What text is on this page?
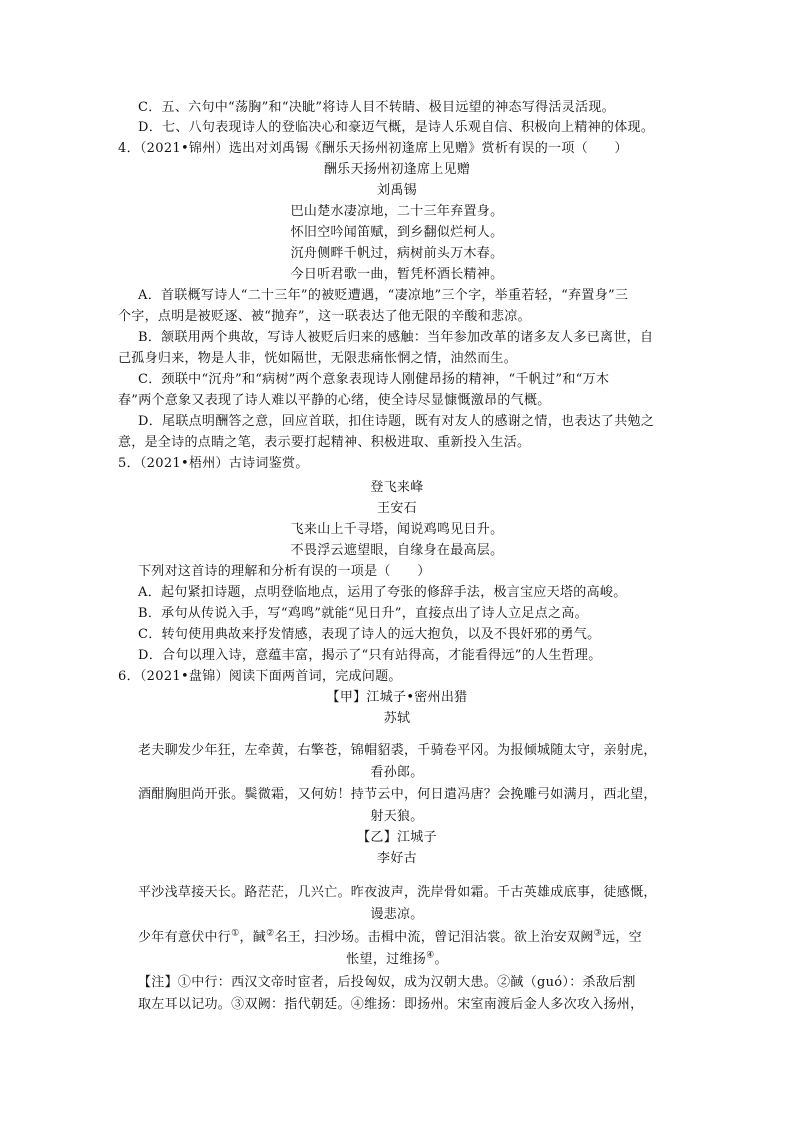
C．五、六句中“荡胸”和“决眦”将诗人目不转睛、极目远望的神态写得活灵活现。
D．七、八句表现诗人的登临决心和豪迈气概，是诗人乐观自信、积极向上精神的体现。
4．（2021•锦州）选出对刘禹锡《酬乐天扬州初逢席上见赠》赏析有误的一项（　　）
酬乐天扬州初逢席上见赠
刘禹锡
巴山楚水凄凉地，二十三年弃置身。
怀旧空吟闻笛赋，到乡翻似烂柯人。
沉舟侧畔千帆过，病树前头万木春。
今日听君歌一曲，暂凭杯酒长精神。
A．首联概写诗人“二十三年”的被贬遭遇，“凄凉地”三个字，举重若轻，“弃置身”三
个字，点明是被贬逐、被“抛弃”，这一联表达了他无限的辛酸和悲凉。
B．颔联用两个典故，写诗人被贬后归来的感触：当年参加改革的诸多友人多已离世，自
己孤身归来，物是人非，恍如隔世，无限悲痛怅惘之情，油然而生。
C．颈联中“沉舟”和“病树”两个意象表现诗人刚健昂扬的精神，“千帆过”和“万木
春”两个意象又表现了诗人难以平静的心绪，使全诗尽显慷慨激昂的气概。
D．尾联点明酬答之意，回应首联，扣住诗题，既有对友人的感谢之情，也表达了共勉之
意，是全诗的点睛之笔，表示要打起精神、积极进取、重新投入生活。
5．（2021•梧州）古诗词鉴赏。
登飞来峰
王安石
飞来山上千寻塔，闻说鸡鸣见日升。
不畏浮云遮望眼，自缘身在最高层。
下列对这首诗的理解和分析有误的一项是（　　）
A．起句紧扣诗题，点明登临地点，运用了夸张的修辞手法，极言宝应天塔的高峻。
B．承句从传说入手，写“鸡鸣”就能“见日升”，直接点出了诗人立足点之高。
C．转句使用典故来抒发情感，表现了诗人的远大抱负，以及不畏奸邪的勇气。
D．合句以理入诗，意蕴丰富，揭示了“只有站得高，才能看得远”的人生哲理。
6．（2021•盘锦）阅读下面两首词，完成问题。
【甲】江城子•密州出猎
苏轼
老夫聊发少年狂，左牵黄，右擎苍，锦帽貂裘，千骑卷平冈。为报倾城随太守，亲射虎，
看孙郎。
酒酣胸胆尚开张。鬓微霜，又何妨！持节云中，何日遣冯唐？会挽雕弓如满月，西北望，
射天狼。
【乙】江城子
李好古
平沙浅草接天长。路茫茫，几兴亡。昨夜波声，洗岸骨如霜。千古英雄成底事，徒感慨，
谩悲凉。
少年有意伏中行①，馘②名王，扫沙场。击楫中流，曾记泪沾裳。欲上治安双阙③远，空
怅望，过维扬④。
【注】①中行：西汉文帝时宦者，后投匈奴，成为汉朝大患。②馘（guó）：杀敌后割
取左耳以记功。③双阙：指代朝廷。④维扬：即扬州。宋室南渡后金人多次攻入扬州，
